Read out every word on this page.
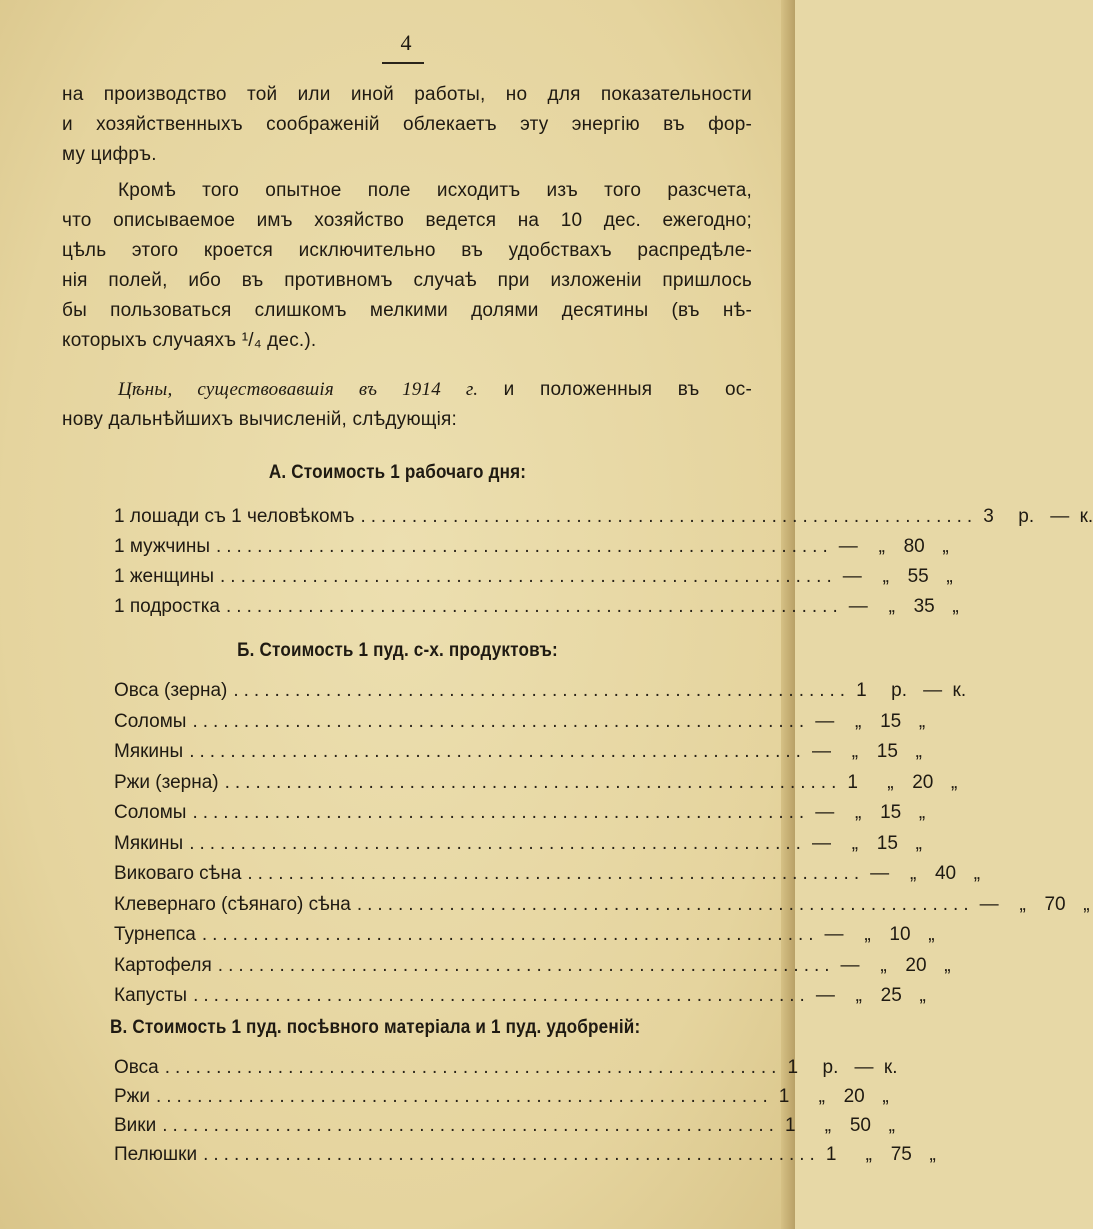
4
на производство той или иной работы, но для показательности
и хозяйственныхъ соображенiй облекаетъ эту энергiю въ фор-
му цифръ.
Кромѣ того опытное поле исходитъ изъ того разсчета,
что описываемое имъ хозяйство ведется на 10 дес. ежегодно;
цѣль этого кроется исключительно въ удобствахъ распредѣле-
нiя полей, ибо въ противномъ случаѣ при изложенiи пришлось
бы пользоваться слишкомъ мелкими долями десятины (въ нѣ-
которыхъ случаяхъ ¹/₄ дес.).
Цѣны, существовавшiя въ 1914 г. и положенныя въ ос-
нову дальнѣйшихъ вычисленiй, слѣдующiя:
А. Стоимость 1 рабочаго дня:
1 лошади съ 1 человѣкомъ ............................................................ 3	р. — к.
1 мужчины ............................................................ —	„ 80 „
1 женщины ............................................................ —	„ 55 „
1 подростка ............................................................ —	„ 35 „
Б. Стоимость 1 пуд. с-х. продуктовъ:
Овса (зерна) ............................................................ 1	р. — к.
Соломы ............................................................ —	„ 15 „
Мякины ............................................................ —	„ 15 „
Ржи (зерна) ............................................................ 1	„ 20 „
Соломы ............................................................ —	„ 15 „
Мякины ............................................................ —	„ 15 „
Виковаго сѣна ............................................................ —	„ 40 „
Клевернаго (сѣянаго) сѣна ............................................................ —	„ 70 „
Турнепса ............................................................ —	„ 10 „
Картофеля ............................................................ —	„ 20 „
Капусты ............................................................ —	„ 25 „
В. Стоимость 1 пуд. посѣвного матерiала и 1 пуд. удобренiй:
Овса ............................................................ 1	р. — к.
Ржи ............................................................ 1	„ 20 „
Вики ............................................................ 1	„ 50 „
Пелюшки ............................................................ 1	„ 75 „
